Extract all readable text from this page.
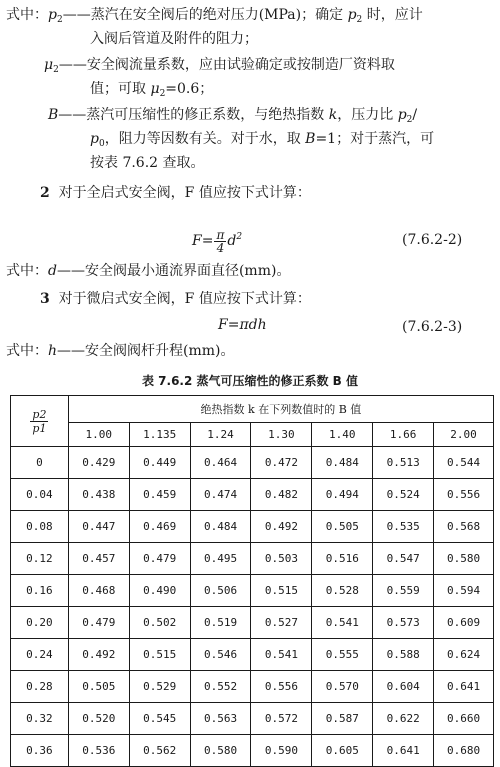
式中：$p_2——$蒸汽在安全阀后的绝对压力(MPa)；确定 $p_2$ 时，应计
入阀后管道及附件的阻力；
$\mu_2——$安全阀流量系数，应由试验确定或按制造厂资料取
值；可取 $\mu_2=0.6$；
B——蒸汽可压缩性的修正系数，与绝热指数 k，压力比 $p_2/$
$p_0$，阻力等因数有关。对于水，取 B=1；对于蒸汽，可
按表 7.6.2 查取。
2 对于全启式安全阀，F 值应按下式计算：
$F= \frac{\pi}{4} d^2$	(7.6.2-2)
式中：d——安全阀最小通流界面直径(mm)。
3 对于微启式安全阀，F 值应按下式计算：
F=πdh	(7.6.2-3)
式中：h——安全阀阀杆升程(mm)。
表 7.6.2 蒸气可压缩性的修正系数 B 值
$\frac{p2}{p1}$	绝热指数 k 在下列数值时的 B 值						
	1.00	1.135	1.24	1.30	1.40	1.66	2.00
0	0.429	0.449	0.464	0.472	0.484	0.513	0.544
0.04	0.438	0.459	0.474	0.482	0.494	0.524	0.556
0.08	0.447	0.469	0.484	0.492	0.505	0.535	0.568
0.12	0.457	0.479	0.495	0.503	0.516	0.547	0.580
0.16	0.468	0.490	0.506	0.515	0.528	0.559	0.594
0.20	0.479	0.502	0.519	0.527	0.541	0.573	0.609
0.24	0.492	0.515	0.546	0.541	0.555	0.588	0.624
0.28	0.505	0.529	0.552	0.556	0.570	0.604	0.641
0.32	0.520	0.545	0.563	0.572	0.587	0.622	0.660
0.36	0.536	0.562	0.580	0.590	0.605	0.641	0.680
